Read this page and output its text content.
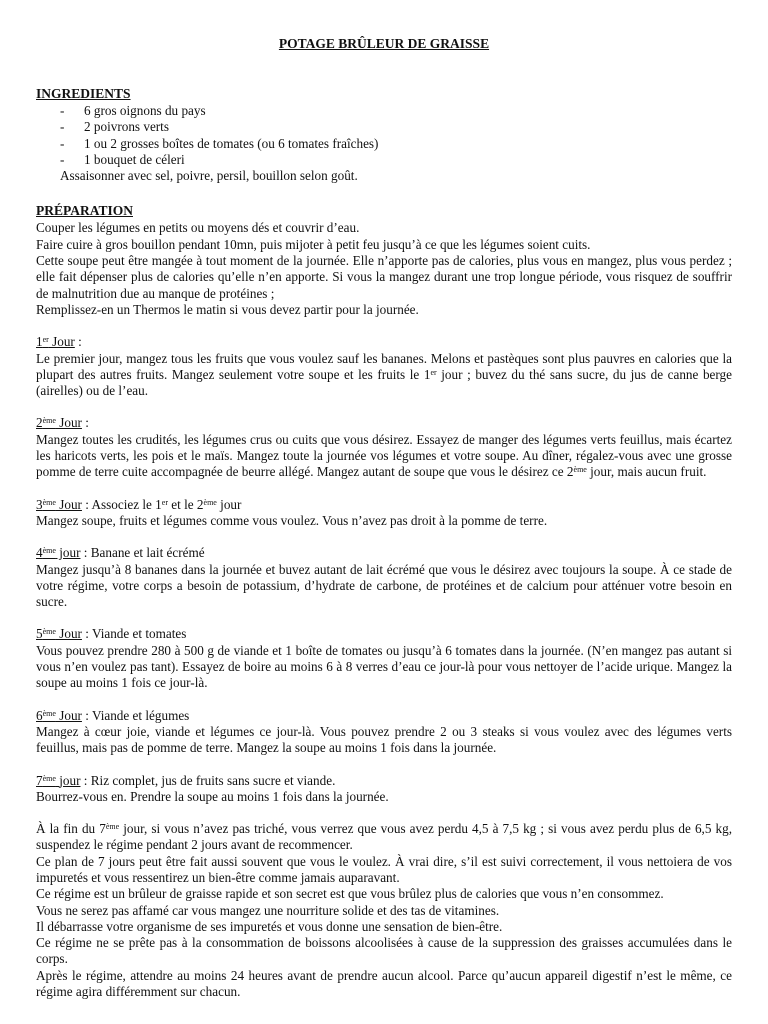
POTAGE BRÛLEUR DE GRAISSE

INGREDIENTS

- 6 gros oignons du pays
- 2 poivrons verts
- 1 ou 2 grosses boîtes de tomates (ou 6 tomates fraîches)
- 1 bouquet de céleri

Assaisonner avec sel, poivre, persil, bouillon selon goût.

PRÉPARATION

Couper les légumes en petits ou moyens dés et couvrir d’eau.

Faire cuire à gros bouillon pendant 10mn, puis mijoter à petit feu jusqu’à ce que les légumes soient cuits.

Cette soupe peut être mangée à tout moment de la journée. Elle n’apporte pas de calories, plus vous en mangez, plus vous perdez ; elle fait dépenser plus de calories qu’elle n’en apporte. Si vous la mangez durant une trop longue période, vous risquez de souffrir de malnutrition due au manque de protéines ;

Remplissez-en un Thermos le matin si vous devez partir pour la journée.

1er Jour :

Le premier jour, mangez tous les fruits que vous voulez sauf les bananes. Melons et pastèques sont plus pauvres en calories que la plupart des autres fruits. Mangez seulement votre soupe et les fruits le 1er jour ; buvez du thé sans sucre, du jus de canne berge (airelles) ou de l’eau.

2ème Jour :

Mangez toutes les crudités, les légumes crus ou cuits que vous désirez. Essayez de manger des légumes verts feuillus, mais écartez les haricots verts, les pois et le maïs. Mangez toute la journée vos légumes et votre soupe. Au dîner, régalez-vous avec une grosse pomme de terre cuite accompagnée de beurre allégé. Mangez autant de soupe que vous le désirez ce 2ème jour, mais aucun fruit.

3ème Jour : Associez le 1er et le 2ème jour

Mangez soupe, fruits et légumes comme vous voulez. Vous n’avez pas droit à la pomme de terre.

4ème jour : Banane et lait écrémé

Mangez jusqu’à 8 bananes dans la journée et buvez autant de lait écrémé que vous le désirez avec toujours la soupe. À ce stade de votre régime, votre corps a besoin de potassium, d’hydrate de carbone, de protéines et de calcium pour atténuer votre besoin en sucre.

5ème Jour : Viande et tomates

Vous pouvez prendre 280 à 500 g de viande et 1 boîte de tomates ou jusqu’à 6 tomates dans la journée. (N’en mangez pas autant si vous n’en voulez pas tant). Essayez de boire au moins 6 à 8 verres d’eau ce jour-là pour vous nettoyer de l’acide urique. Mangez la soupe au moins 1 fois ce jour-là.

6ème Jour : Viande et légumes

Mangez à cœur joie, viande et légumes ce jour-là. Vous pouvez prendre 2 ou 3 steaks si vous voulez avec des légumes verts feuillus, mais pas de pomme de terre. Mangez la soupe au moins 1 fois dans la journée.

7ème jour : Riz complet, jus de fruits sans sucre et viande.

Bourrez-vous en. Prendre la soupe au moins 1 fois dans la journée.

À la fin du 7ème jour, si vous n’avez pas triché, vous verrez que vous avez perdu 4,5 à 7,5 kg ; si vous avez perdu plus de 6,5 kg, suspendez le régime pendant 2 jours avant de recommencer.

Ce plan de 7 jours peut être fait aussi souvent que vous le voulez. À vrai dire, s’il est suivi correctement, il vous nettoiera de vos impuretés et vous ressentirez un bien-être comme jamais auparavant.

Ce régime est un brûleur de graisse rapide et son secret est que vous brûlez plus de calories que vous n’en consommez.

Vous ne serez pas affamé car vous mangez une nourriture solide et des tas de vitamines.

Il débarrasse votre organisme de ses impuretés et vous donne une sensation de bien-être.

Ce régime ne se prête pas à la consommation de boissons alcoolisées à cause de la suppression des graisses accumulées dans le corps.

Après le régime, attendre au moins 24 heures avant de prendre aucun alcool. Parce qu’aucun appareil digestif n’est le même, ce régime agira différemment sur chacun.
